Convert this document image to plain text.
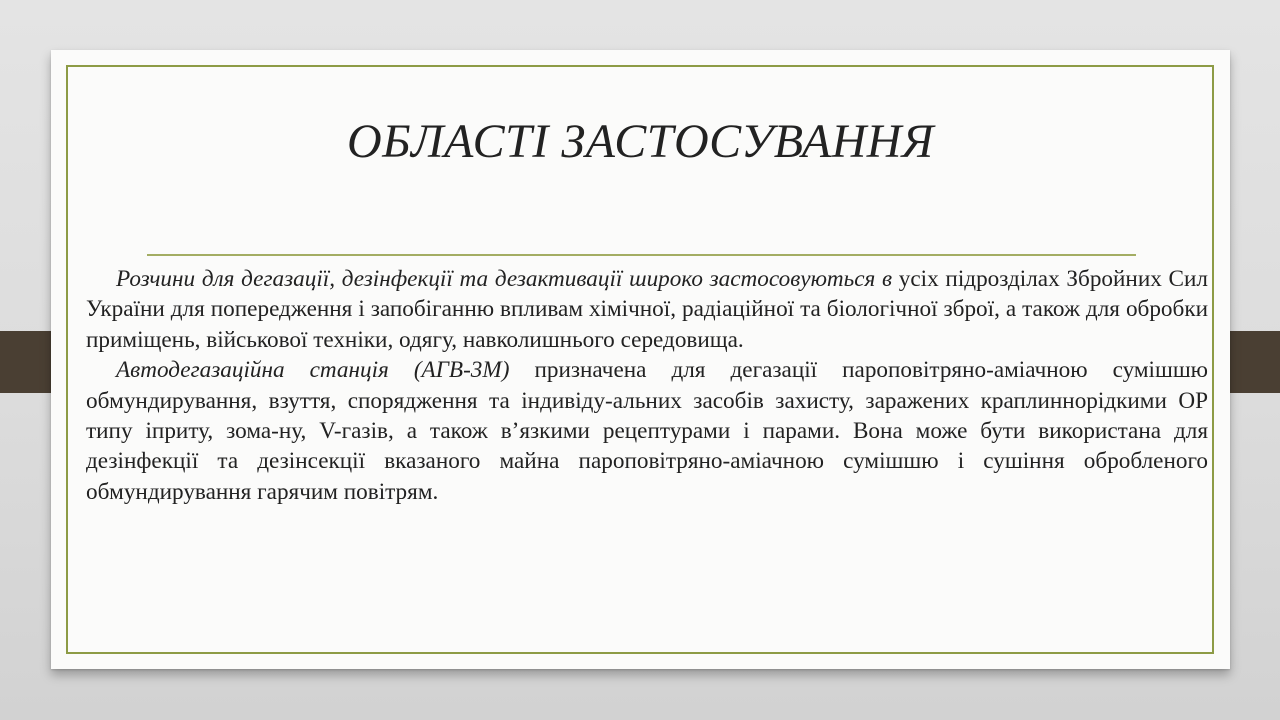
ОБЛАСТІ ЗАСТОСУВАННЯ

Розчини для дегазації, дезінфекції та дезактивації широко застосовуються в усіх підрозділах Збройних Сил України для попередження і запобіганню впливам хімічної, радіаційної та біологічної зброї, а також для обробки приміщень, військової техніки, одягу, навколишнього середовища.

Автодегазаційна станція (АГВ-3М) призначена для дегазації пароповітряно-аміачною сумішшю обмундирування, взуття, спорядження та індивіду-альних засобів захисту, заражених краплиннорідкими ОР типу іприту, зома-ну, V-газів, а також в’язкими рецептурами і парами. Вона може бути використана для дезінфекції та дезінсекції вказаного майна пароповітряно-аміачною сумішшю і сушіння обробленого обмундирування гарячим повітрям.
